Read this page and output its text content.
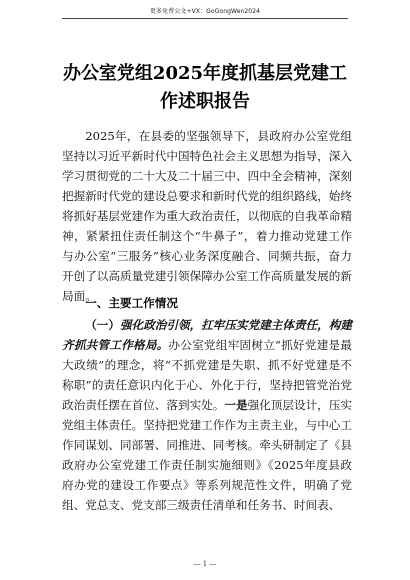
更多免费公文+VX：GoGongWen2024
办公室党组2025年度抓基层党建工作述职报告

2025年，在县委的坚强领导下，县政府办公室党组坚持以习近平新时代中国特色社会主义思想为指导，深入学习贯彻党的二十大及二十届三中、四中全会精神，深刻把握新时代党的建设总要求和新时代党的组织路线，始终将抓好基层党建作为重大政治责任，以彻底的自我革命精神，紧紧扭住责任制这个“牛鼻子”，着力推动党建工作与办公室“三服务”核心业务深度融合、同频共振，奋力开创了以高质量党建引领保障办公室工作高质量发展的新局面。

一、主要工作情况

（一）强化政治引领，扛牢压实党建主体责任，构建齐抓共管工作格局。办公室党组牢固树立“抓好党建是最大政绩”的理念，将“不抓党建是失职、抓不好党建是不称职”的责任意识内化于心、外化于行，坚持把管党治党政治责任摆在首位、落到实处。一是强化顶层设计，压实党组主体责任。坚持把党建工作作为主责主业，与中心工作同谋划、同部署、同推进、同考核。牵头研制定了《县政府办公室党建工作责任制实施细则》《2025年度县政府办党的建设工作要点》等系列规范性文件，明确了党组、党总支、党支部三级责任清单和任务书、时间表、

— 1 —
